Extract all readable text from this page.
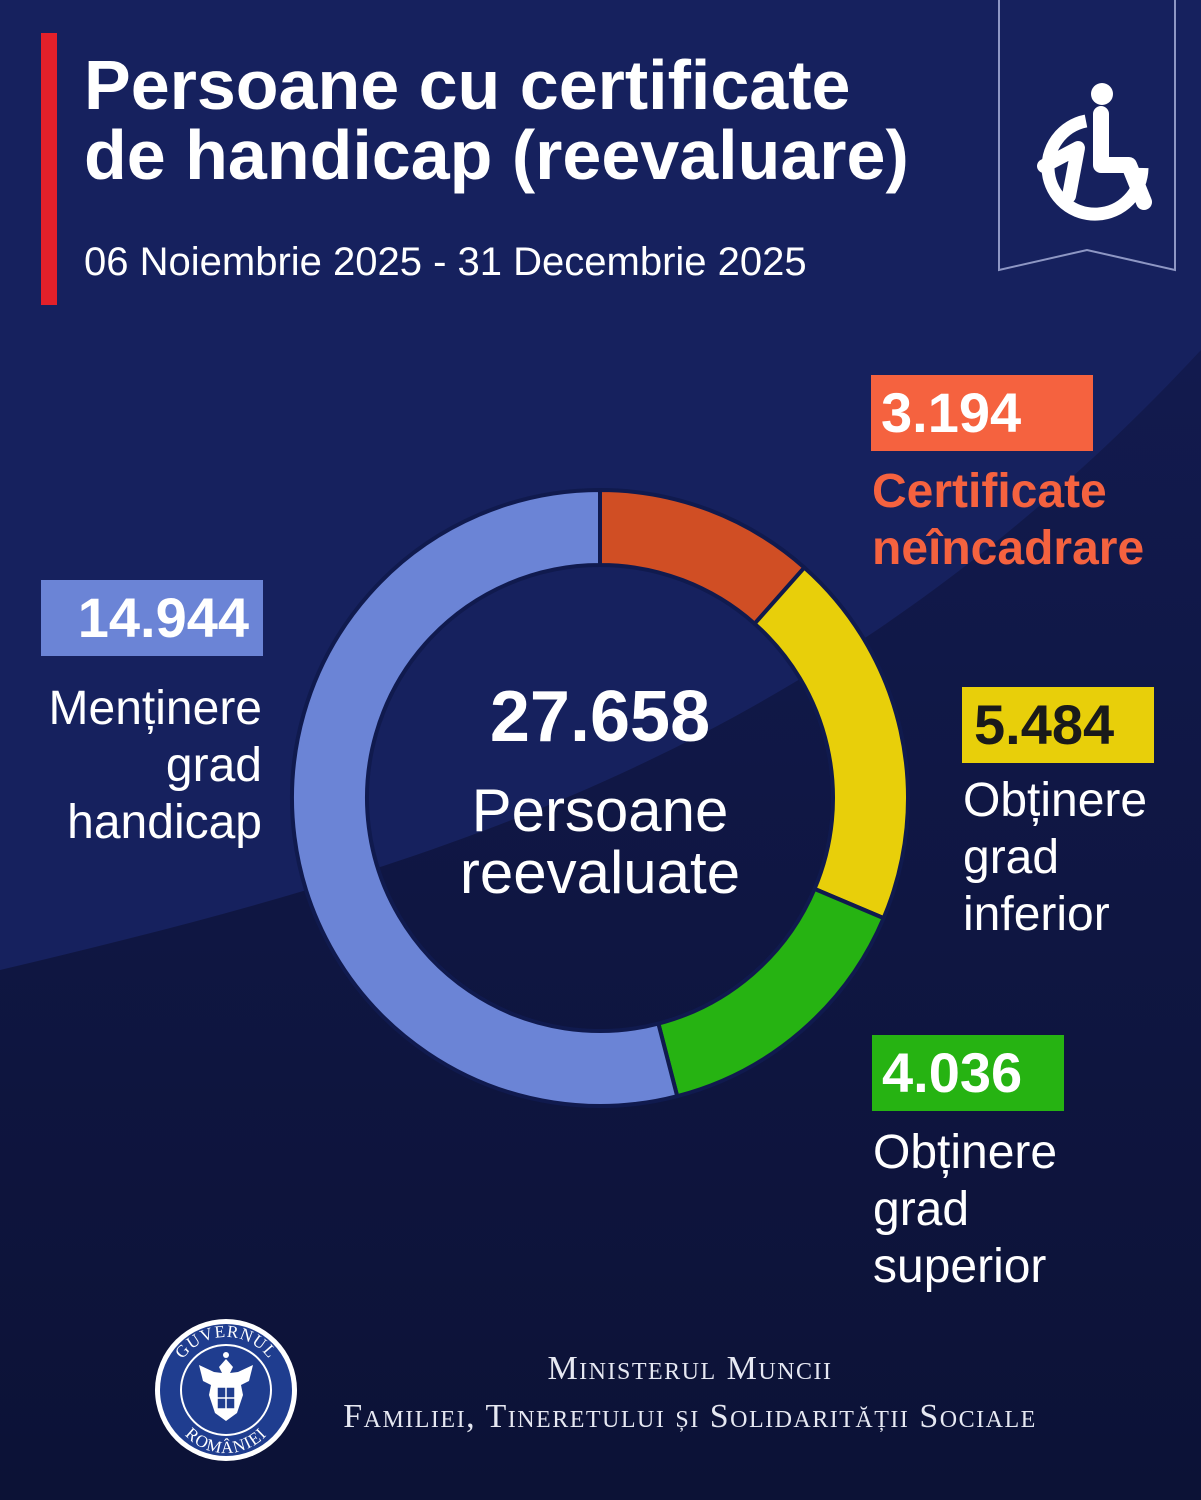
Persoane cu certificate
de handicap (reevaluare)
06 Noiembrie 2025 - 31 Decembrie 2025
27.658
Persoane
reevaluate
3.194
Certificate
neîncadrare
14.944
Menținere
grad
handicap
5.484
Obținere
grad
inferior
4.036
Obținere
grad
superior
GUVERNUL
ROMÂNIEI
Ministerul Muncii
Familiei, Tineretului și Solidarității Sociale
